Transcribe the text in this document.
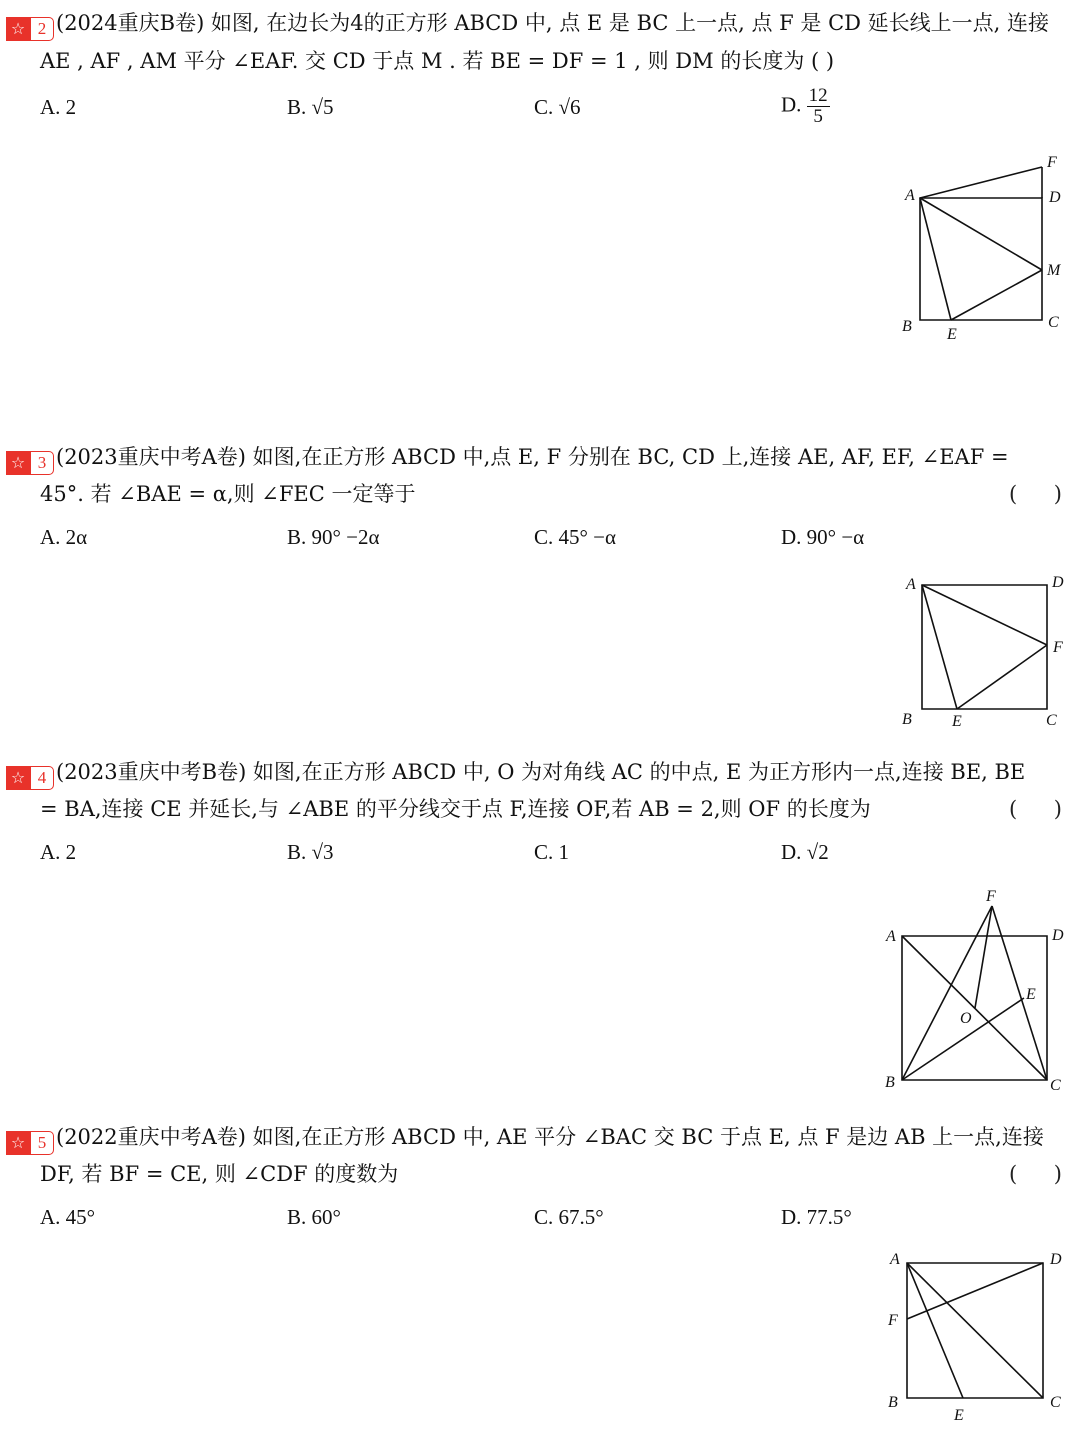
☆ 2 (2024重庆B卷) 如图, 在边长为4的正方形 ABCD 中, 点 E 是 BC 上一点, 点 F 是 CD 延长线上一点, 连接
AE , AF , AM 平分 ∠EAF. 交 CD 于点 M . 若 BE = DF = 1 , 则 DM 的长度为 ( )
A. 2	B. √5	C. √6	D. $\frac{12}{5}$
A	D
F
M
B E
C
☆ 3 (2023重庆中考A卷) 如图,在正方形 ABCD 中,点 E, F 分别在 BC, CD 上,连接 AE, AF, EF, ∠EAF =
45°. 若 ∠BAE = α,则 ∠FEC 一定等于	( )
A. 2α	B. 90° −2α	C. 45° −α	D. 90° −α
A	D
F
B	E	C
☆ 4 (2023重庆中考B卷) 如图,在正方形 ABCD 中, O 为对角线 AC 的中点, E 为正方形内一点,连接 BE, BE
= BA,连接 CE 并延长,与 ∠ABE 的平分线交于点 F,连接 OF,若 AB = 2,则 OF 的长度为	( )
A. 2	B. √3	C. 1	D. √2
F
A	D
E
O
B	C
☆ 5 (2022重庆中考A卷) 如图,在正方形 ABCD 中, AE 平分 ∠BAC 交 BC 于点 E, 点 F 是边 AB 上一点,连接
DF, 若 BF = CE, 则 ∠CDF 的度数为	( )
A. 45°	B. 60°	C. 67.5°	D. 77.5°
A	D
F
B
E
C
